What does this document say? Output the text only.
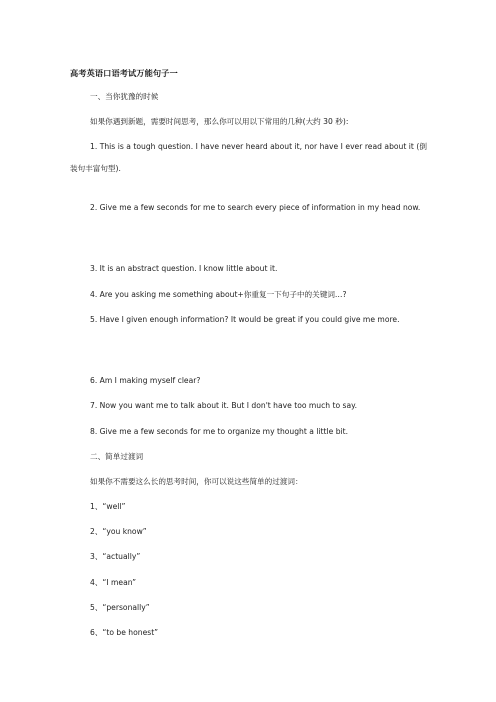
高考英语口语考试万能句子一

一、当你犹豫的时候

如果你遇到新题，需要时间思考，那么你可以用以下常用的几种(大约 30 秒):

1. This is a tough question. I have never heard about it, nor have I ever read about it (倒装句丰富句型).

2. Give me a few seconds for me to search every piece of information in my head now.

3. It is an abstract question. I know little about it.

4. Are you asking me something about+你重复一下句子中的关键词…?

5. Have I given enough information? It would be great if you could give me more.

6. Am I making myself clear?

7. Now you want me to talk about it. But I don't have too much to say.

8. Give me a few seconds for me to organize my thought a little bit.

二、简单过渡词

如果你不需要这么长的思考时间，你可以说这些简单的过渡词：

1、“well”

2、“you know”

3、“actually”

4、“I mean”

5、“personally”

6、“to be honest”
